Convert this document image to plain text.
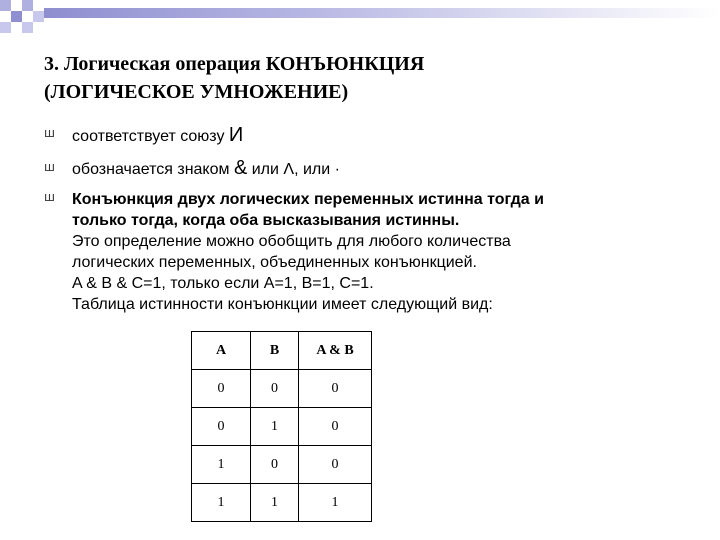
3. Логическая операция КОНЪЮНКЦИЯ
(ЛОГИЧЕСКОЕ УМНОЖЕНИЕ)
ш соответствует союзу И
ш обозначается знаком & или Λ, или ·
ш Конъюнкция двух логических переменных истинна тогда и
только тогда, когда оба высказывания истинны.
Это определение можно обобщить для любого количества
логических переменных, объединенных конъюнкцией.
A & B & C=1, только если A=1, B=1, C=1.
Таблица истинности конъюнкции имеет следующий вид:
A	B	A & B
0	0	0
0	1	0
1	0	0
1	1	1
